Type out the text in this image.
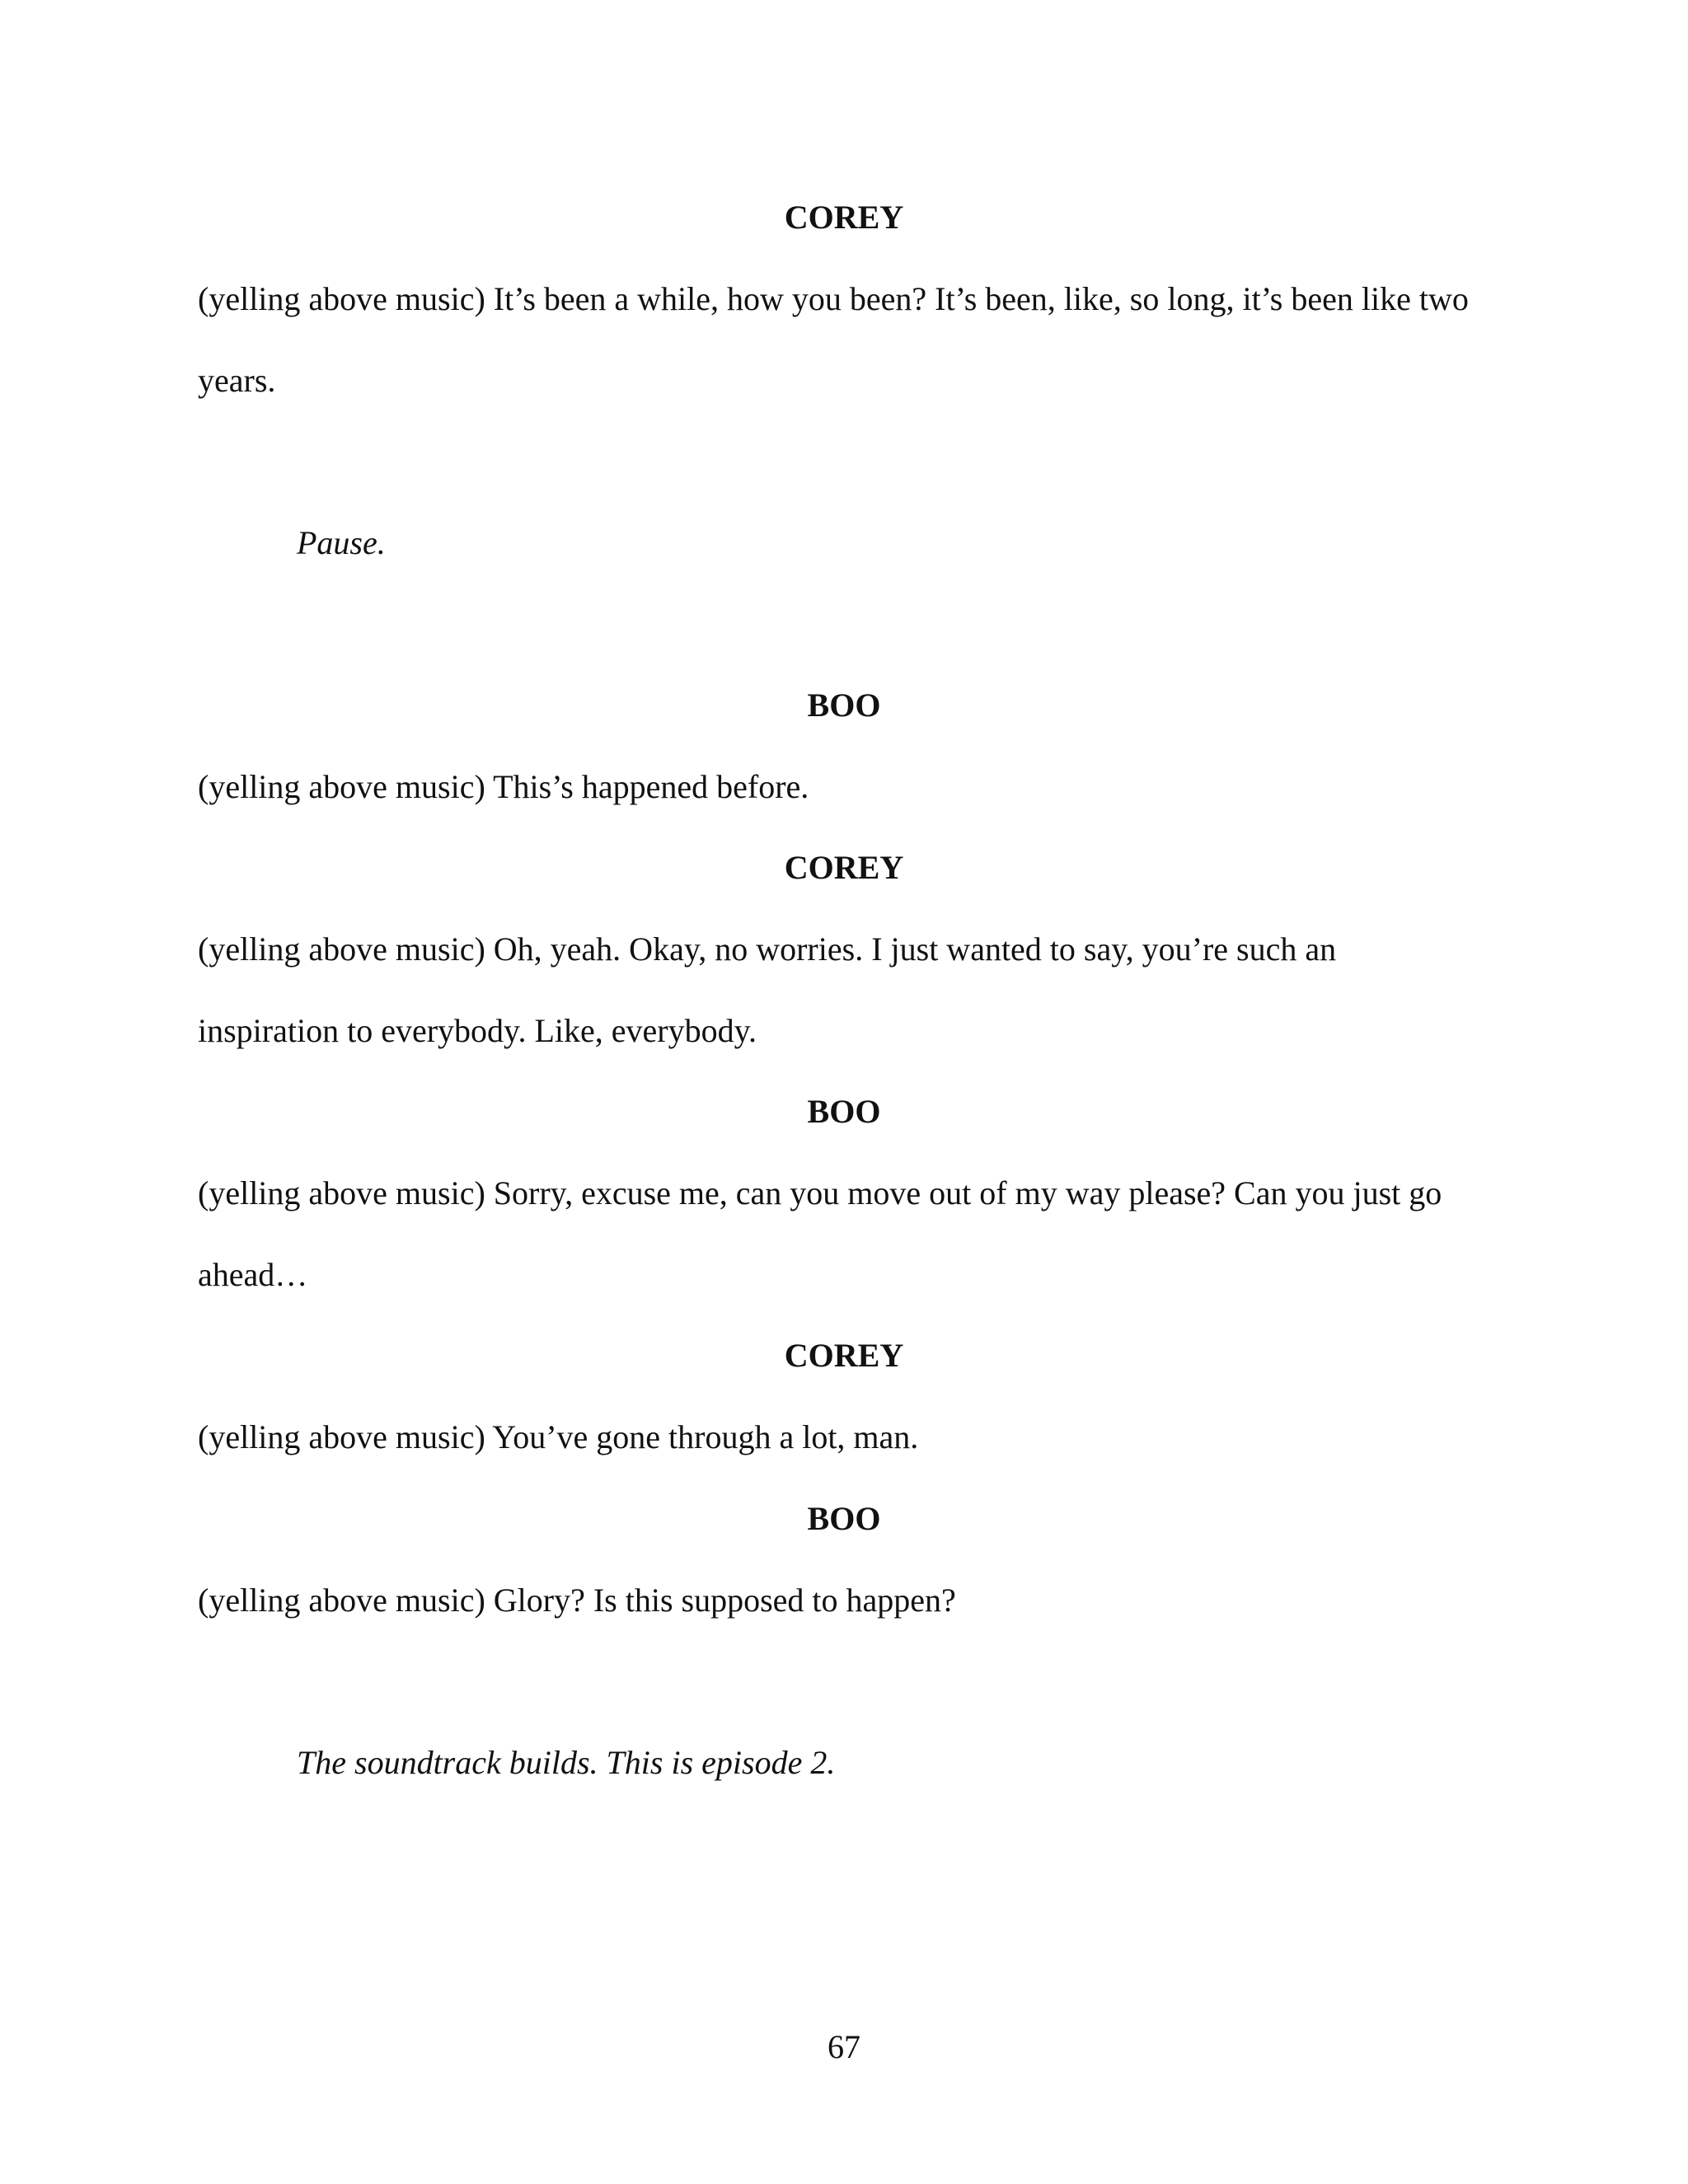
COREY
(yelling above music) It’s been a while, how you been? It’s been, like, so long, it’s been like two
years.
Pause.
BOO
(yelling above music) This’s happened before.
COREY
(yelling above music) Oh, yeah. Okay, no worries. I just wanted to say, you’re such an
inspiration to everybody. Like, everybody.
BOO
(yelling above music) Sorry, excuse me, can you move out of my way please? Can you just go
ahead…
COREY
(yelling above music) You’ve gone through a lot, man.
BOO
(yelling above music) Glory? Is this supposed to happen?
The soundtrack builds. This is episode 2.
67
